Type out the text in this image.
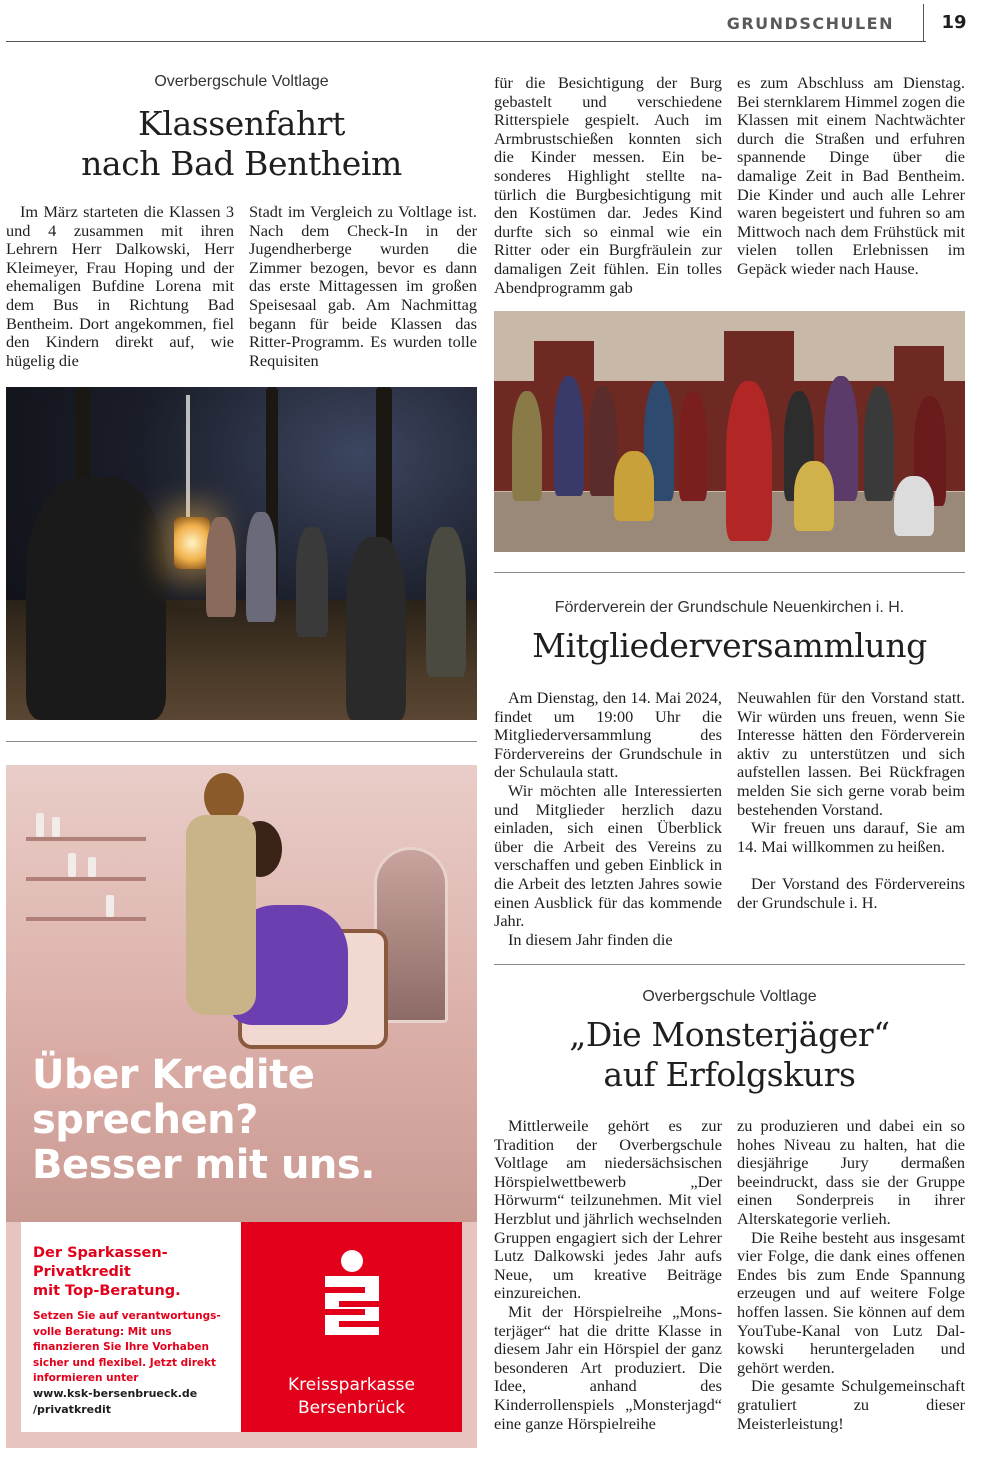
GRUNDSCHULEN	19
Overbergschule Voltlage
Klassenfahrt
nach Bad Bentheim

Im März starteten die Klassen 3 und 4 zusammen mit ihren Lehrern Herr Dalkowski, Herr Kleimeyer, Frau Hoping und der ehemaligen Bufdine Lorena mit dem Bus in Richtung Bad Bentheim. Dort angekommen, fiel den Kindern direkt auf, wie hügelig die

Stadt im Vergleich zu Voltlage ist. Nach dem Check-In in der Jugendherberge wurden die Zimmer bezogen, bevor es dann das erste Mittagessen im großen Speisesaal gab. Am Nachmittag begann für beide Klassen das Ritter-Programm. Es wurden tolle Requisiten

für die Besichtigung der Burg gebastelt und verschiedene Ritterspiele gespielt. Auch im Armbrustschießen konnten sich die Kinder messen. Ein besonderes Highlight stellte natürlich die Burgbesichtigung mit den Kostümen dar. Jedes Kind durfte sich so einmal wie ein Ritter oder ein Burgfräulein zur damaligen Zeit fühlen. Ein tolles Abendprogramm gab

es zum Abschluss am Dienstag. Bei sternklarem Himmel zogen die Klassen mit einem Nachtwächter durch die Straßen und erfuhren spannende Dinge über die damalige Zeit in Bad Bentheim. Die Kinder und auch alle Lehrer waren begeistert und fuhren so am Mittwoch nach dem Frühstück mit vielen tollen Erlebnissen im Gepäck wieder nach Hause.

Förderverein der Grundschule Neuenkirchen i. H.
Mitgliederversammlung

Am Dienstag, den 14. Mai 2024, findet um 19:00 Uhr die Mitgliederversammlung des Fördervereins der Grundschule in der Schulaula statt.

Wir möchten alle Interessierten und Mitglieder herzlich dazu einladen, sich einen Überblick über die Arbeit des Vereins zu verschaffen und geben Einblick in die Arbeit des letzten Jahres sowie einen Ausblick für das kommende Jahr.

In diesem Jahr finden die

Neuwahlen für den Vorstand statt. Wir würden uns freuen, wenn Sie Interesse hätten den Förderverein aktiv zu unterstützen und sich aufstellen lassen. Bei Rückfragen melden Sie sich gerne vorab beim bestehenden Vorstand.

Wir freuen uns darauf, Sie am 14. Mai willkommen zu heißen.

Der Vorstand des Fördervereins der Grundschule i. H.

Overbergschule Voltlage
„Die Monsterjäger“
auf Erfolgskurs

Mittlerweile gehört es zur Tradition der Overbergschule Voltlage am niedersächsischen Hörspielwettbewerb „Der Hörwurm“ teilzunehmen. Mit viel Herzblut und jährlich wechselnden Gruppen engagiert sich der Lehrer Lutz Dalkowski jedes Jahr aufs Neue, um kreative Beiträge einzureichen.

Mit der Hörspielreihe „Monsterjäger“ hat die dritte Klasse in diesem Jahr ein Hörspiel der ganz besonderen Art produziert. Die Idee, anhand des Kinderrollenspiels „Monsterjagd“ eine ganze Hörspielreihe

zu produzieren und dabei ein so hohes Niveau zu halten, hat die diesjährige Jury dermaßen beeindruckt, dass sie der Gruppe einen Sonderpreis in ihrer Alterskategorie verlieh.

Die Reihe besteht aus insgesamt vier Folge, die dank eines offenen Endes bis zum Ende Spannung erzeugen und auf weitere Folge hoffen lassen. Sie können auf dem YouTube-Kanal von Lutz Dalkowski heruntergeladen und gehört werden.

Die gesamte Schulgemeinschaft gratuliert zu dieser Meisterleistung!

Über Kredite
sprechen?
Besser mit uns.
Der Sparkassen-
Privatkredit
mit Top-Beratung.
Setzen Sie auf verantwortungsvolle Beratung: Mit uns finanzieren Sie Ihre Vorhaben sicher und flexibel. Jetzt direkt informieren unter
www.ksk-bersenbrueck.de
/privatkredit
Kreissparkasse
Bersenbrück
